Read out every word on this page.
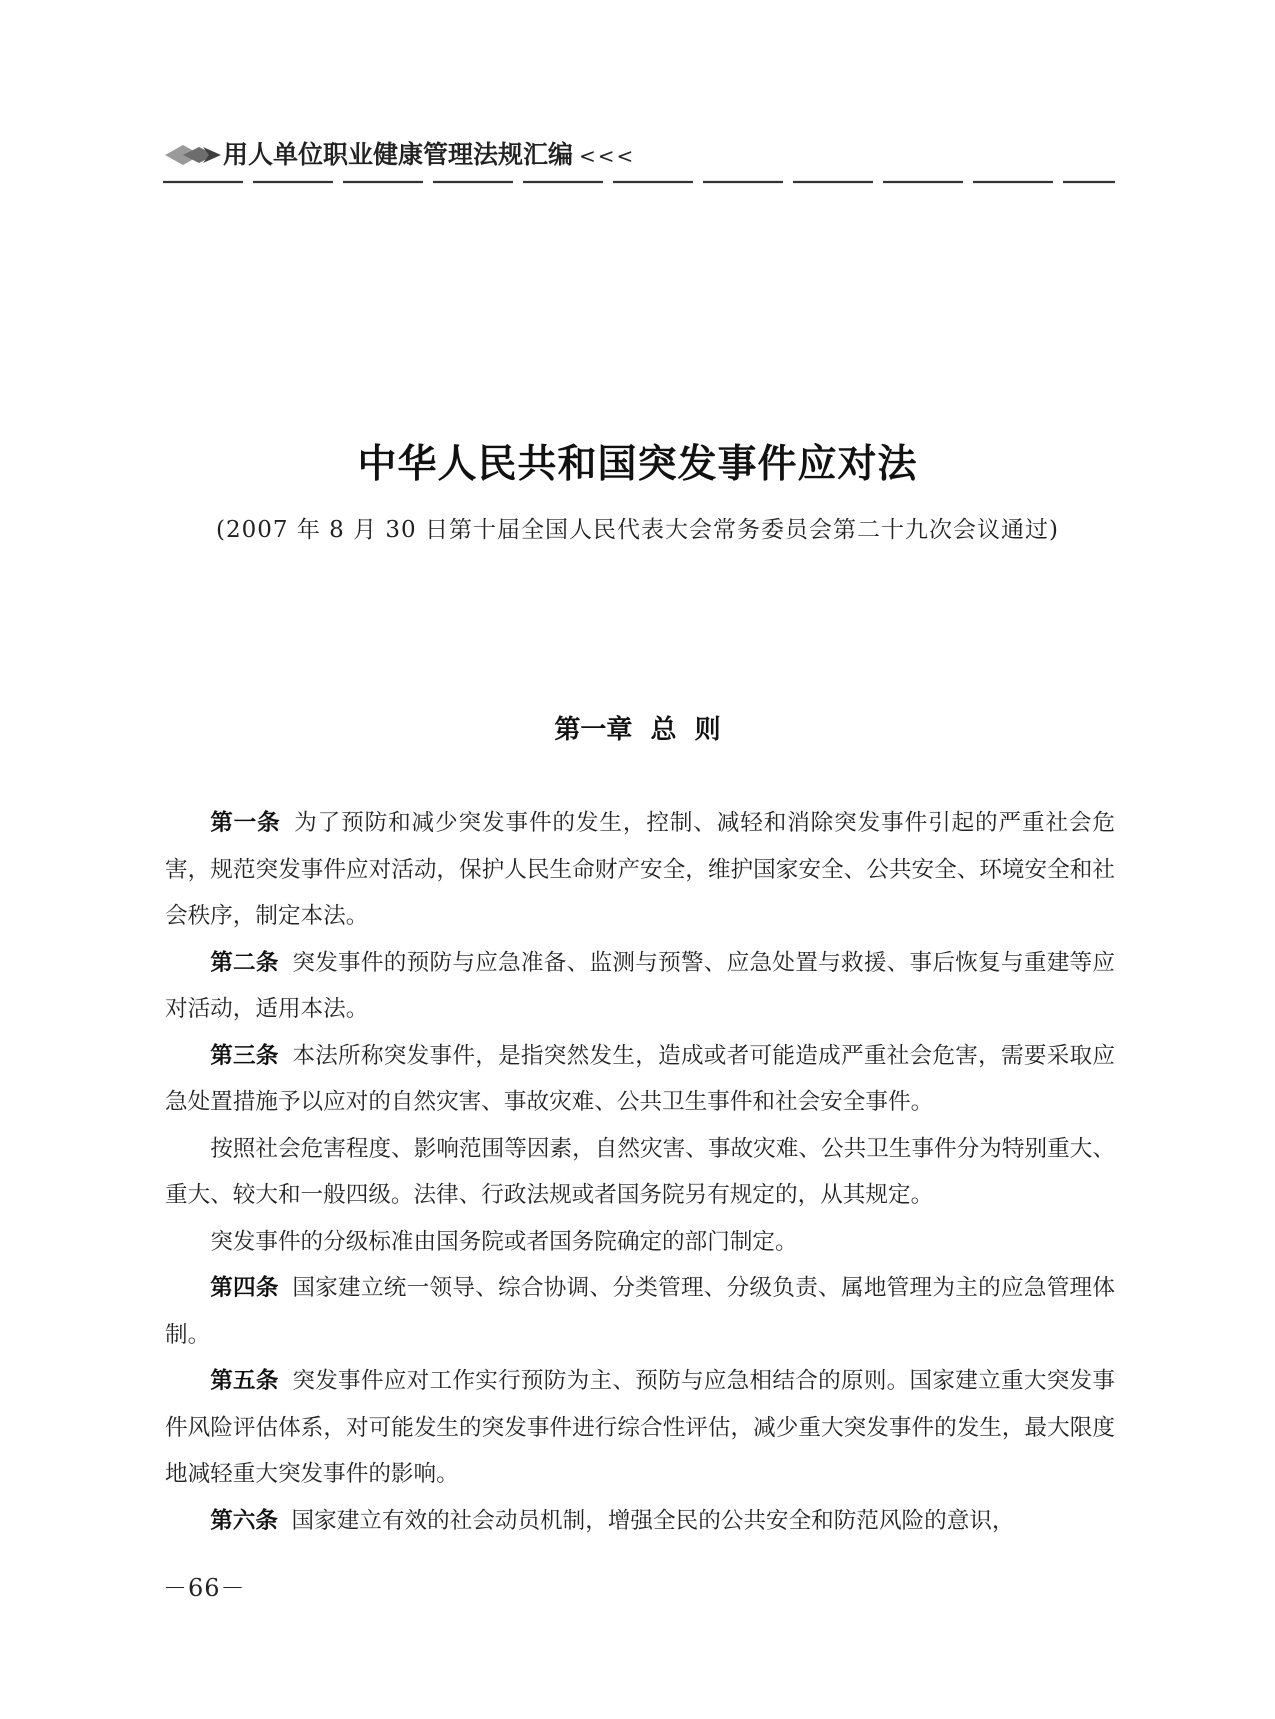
用人单位职业健康管理法规汇编 <<<
中华人民共和国突发事件应对法
(2007 年 8 月 30 日第十届全国人民代表大会常务委员会第二十九次会议通过)
第一章  总  则

第一条 为了预防和减少突发事件的发生，控制、减轻和消除突发事件引起的严重社会危害，规范突发事件应对活动，保护人民生命财产安全，维护国家安全、公共安全、环境安全和社会秩序，制定本法。

第二条 突发事件的预防与应急准备、监测与预警、应急处置与救援、事后恢复与重建等应对活动，适用本法。

第三条 本法所称突发事件，是指突然发生，造成或者可能造成严重社会危害，需要采取应急处置措施予以应对的自然灾害、事故灾难、公共卫生事件和社会安全事件。

按照社会危害程度、影响范围等因素，自然灾害、事故灾难、公共卫生事件分为特别重大、重大、较大和一般四级。法律、行政法规或者国务院另有规定的，从其规定。

突发事件的分级标准由国务院或者国务院确定的部门制定。

第四条 国家建立统一领导、综合协调、分类管理、分级负责、属地管理为主的应急管理体制。

第五条 突发事件应对工作实行预防为主、预防与应急相结合的原则。国家建立重大突发事件风险评估体系，对可能发生的突发事件进行综合性评估，减少重大突发事件的发生，最大限度地减轻重大突发事件的影响。

第六条 国家建立有效的社会动员机制，增强全民的公共安全和防范风险的意识，

－66－
